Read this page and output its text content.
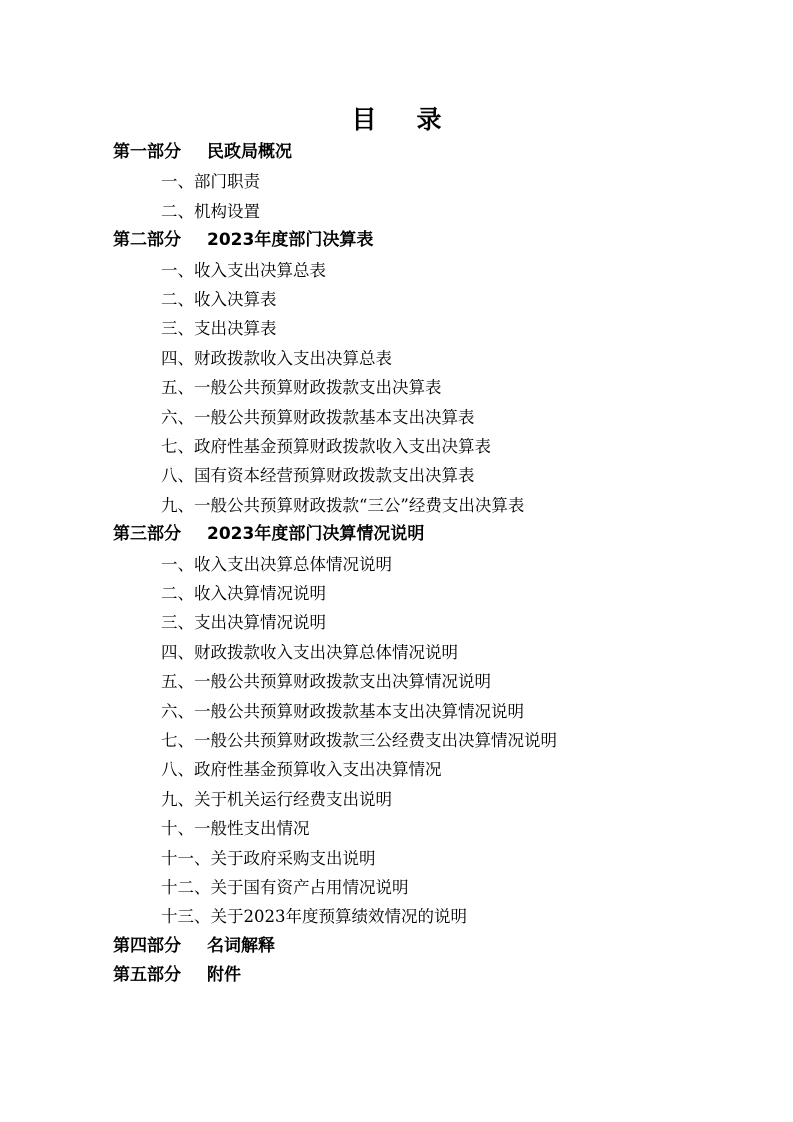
目录
第一部分 民政局概况
一、部门职责
二、机构设置
第二部分 2023年度部门决算表
一、收入支出决算总表
二、收入决算表
三、支出决算表
四、财政拨款收入支出决算总表
五、一般公共预算财政拨款支出决算表
六、一般公共预算财政拨款基本支出决算表
七、政府性基金预算财政拨款收入支出决算表
八、国有资本经营预算财政拨款支出决算表
九、一般公共预算财政拨款“三公”经费支出决算表
第三部分 2023年度部门决算情况说明
一、收入支出决算总体情况说明
二、收入决算情况说明
三、支出决算情况说明
四、财政拨款收入支出决算总体情况说明
五、一般公共预算财政拨款支出决算情况说明
六、一般公共预算财政拨款基本支出决算情况说明
七、一般公共预算财政拨款三公经费支出决算情况说明
八、政府性基金预算收入支出决算情况
九、关于机关运行经费支出说明
十、一般性支出情况
十一、关于政府采购支出说明
十二、关于国有资产占用情况说明
十三、关于2023年度预算绩效情况的说明
第四部分 名词解释
第五部分 附件
